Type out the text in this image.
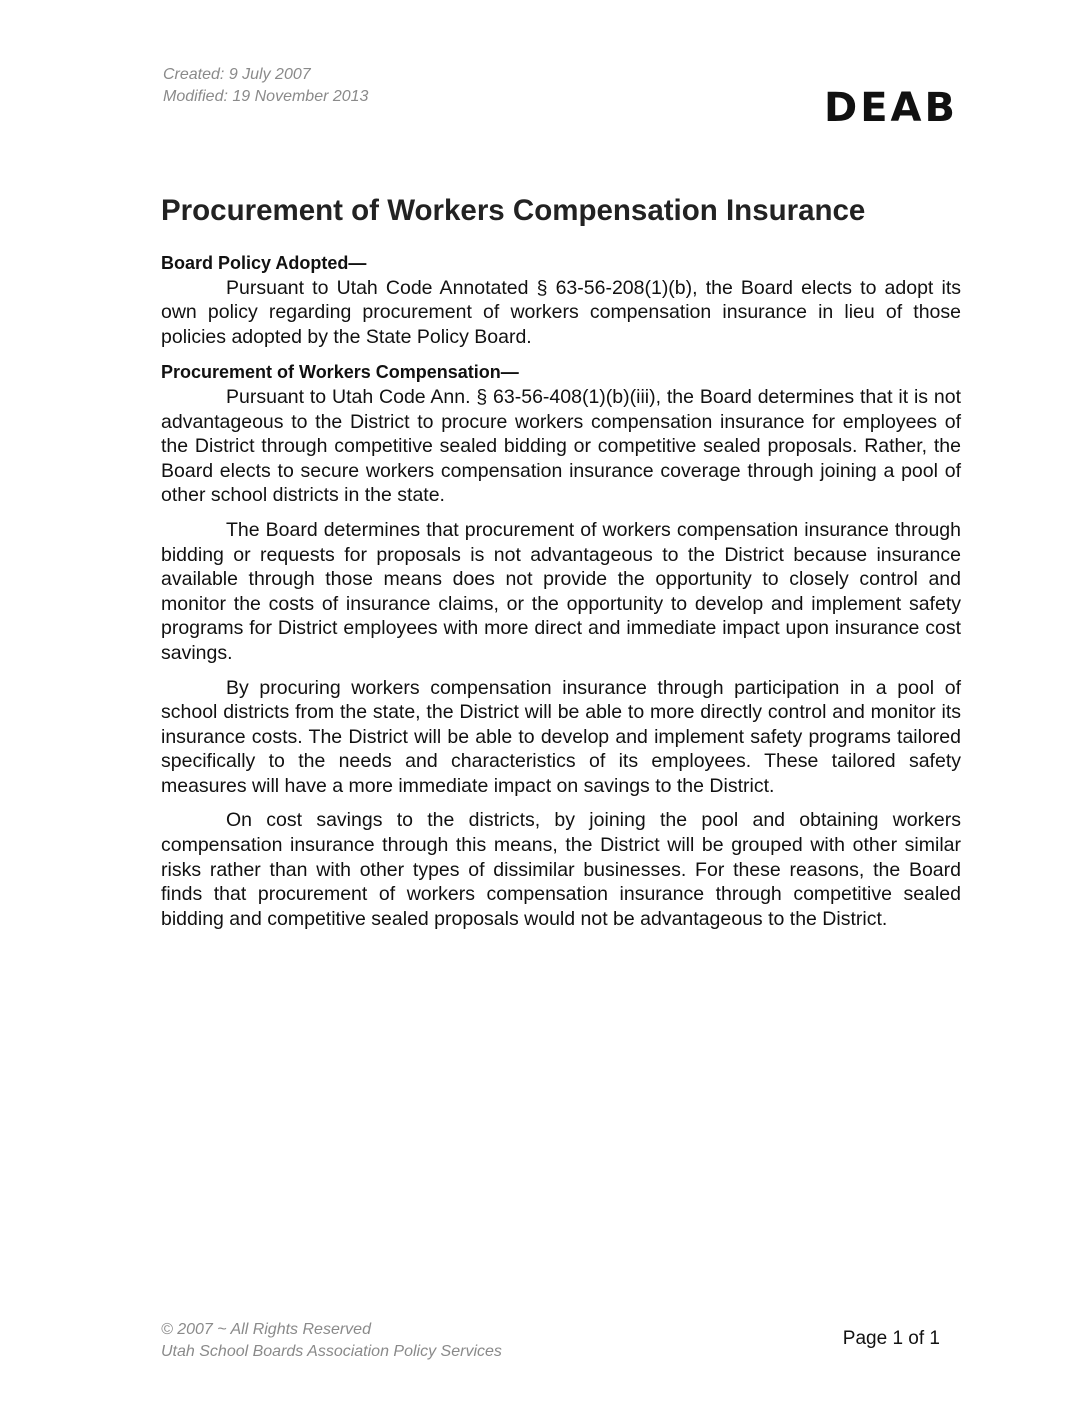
Created: 9 July 2007
Modified: 19 November 2013	DEAB
Procurement of Workers Compensation Insurance
Board Policy Adopted—

Pursuant to Utah Code Annotated § 63-56-208(1)(b), the Board elects to adopt its own policy regarding procurement of workers compensation insurance in lieu of those policies adopted by the State Policy Board.

Procurement of Workers Compensation—

Pursuant to Utah Code Ann. § 63-56-408(1)(b)(iii), the Board determines that it is not advantageous to the District to procure workers compensation insurance for employees of the District through competitive sealed bidding or competitive sealed proposals. Rather, the Board elects to secure workers compensation insurance coverage through joining a pool of other school districts in the state.

The Board determines that procurement of workers compensation insurance through bidding or requests for proposals is not advantageous to the District because insurance available through those means does not provide the opportunity to closely control and monitor the costs of insurance claims, or the opportunity to develop and implement safety programs for District employees with more direct and immediate impact upon insurance cost savings.

By procuring workers compensation insurance through participation in a pool of school districts from the state, the District will be able to more directly control and monitor its insurance costs. The District will be able to develop and implement safety programs tailored specifically to the needs and characteristics of its employees. These tailored safety measures will have a more immediate impact on savings to the District.

On cost savings to the districts, by joining the pool and obtaining workers compensation insurance through this means, the District will be grouped with other similar risks rather than with other types of dissimilar businesses. For these reasons, the Board finds that procurement of workers compensation insurance through competitive sealed bidding and competitive sealed proposals would not be advantageous to the District.

© 2007 ~ All Rights Reserved
Utah School Boards Association Policy Services
Page 1 of 1
